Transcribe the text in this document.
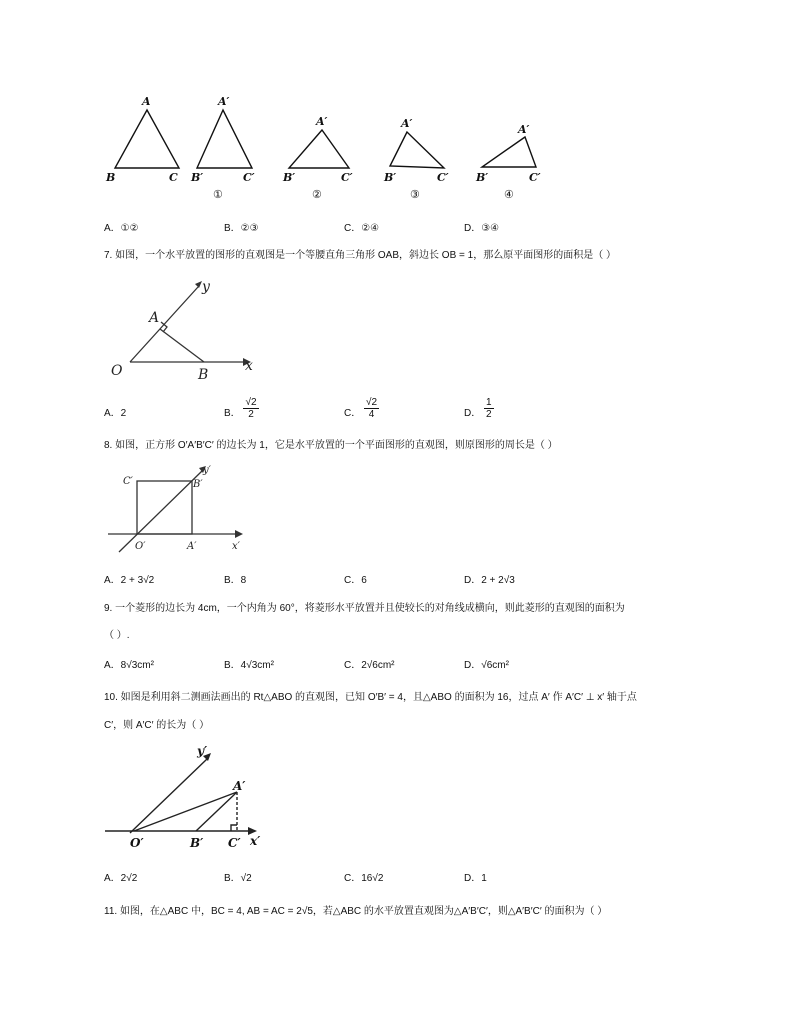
A
B	C
A′
B′	C′
A′
B′	C′
A′
B′	C′
A′
B′	C′
①	②	③	④
A．①②	B．②③	C．②④	D．③④
7. 如图，一个水平放置的图形的直观图是一个等腰直角三角形 OAB，斜边长 OB = 1，那么原平面图形的面积是（ ）
y
x
O
A
B
A．2	B． $\frac{√2}{2}$	C． $\frac{√2}{4}$	D． $\frac{1}{2}$
8. 如图，正方形 O′A′B′C′ 的边长为 1，它是水平放置的一个平面图形的直观图，则原图形的周长是（ ）
C′	B′
y′
O′	A′	x′
A．2 + 3√2	B．8	C．6	D．2 + 2√3
9. 一个菱形的边长为 4cm，一个内角为 60°，将菱形水平放置并且使较长的对角线成横向，则此菱形的直观图的面积为
（ ）.
A．8√3cm²	B．4√3cm²	C．2√6cm²	D．√6cm²
10. 如图是利用斜二测画法画出的 Rt△ABO 的直观图，已知 O′B′ = 4，且△ABO 的面积为 16，过点 A′ 作 A′C′ ⊥ x′ 轴于点
C′，则 A′C′ 的长为（ ）
y′
A′
O′	B′ C′ x′
A．2√2	B．√2	C．16√2	D．1
11. 如图，在△ABC 中，BC = 4, AB = AC = 2√5，若△ABC 的水平放置直观图为△A′B′C′，则△A′B′C′ 的面积为（ ）
